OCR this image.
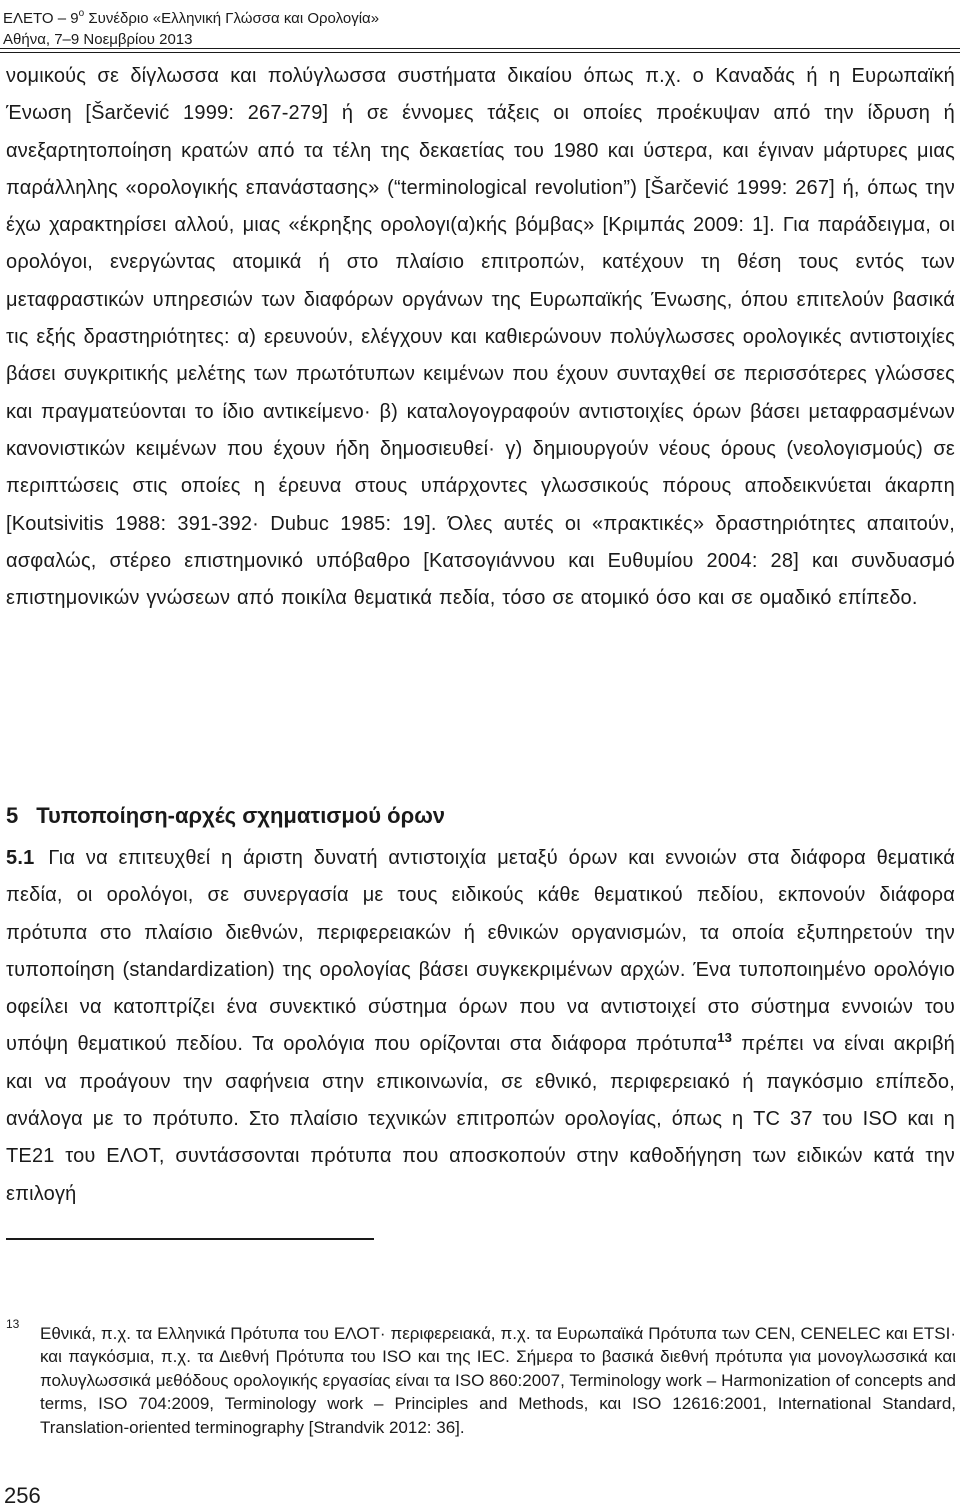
ΕΛΕΤΟ – $9^o$ Συνέδριο «Ελληνική Γλώσσα και Ορολογία»
Αθήνα, 7–9 Νοεμβρίου 2013
νομικούς σε δίγλωσσα και πολύγλωσσα συστήματα δικαίου όπως π.χ. ο Καναδάς ή η Ευρωπαϊκή Ένωση [Šarčević 1999: 267-279] ή σε έννομες τάξεις οι οποίες προέκυψαν από την ίδρυση ή ανεξαρτητοποίηση κρατών από τα τέλη της δεκαετίας του 1980 και ύστερα, και έγιναν μάρτυρες μιας παράλληλης «ορολογικής επανάστασης» (“terminological revolution”) [Šarčević 1999: 267] ή, όπως την έχω χαρακτηρίσει αλλού, μιας «έκρηξης ορολογι(α)κής βόμβας» [Κριμπάς 2009: 1]. Για παράδειγμα, οι ορολόγοι, ενεργώντας ατομικά ή στο πλαίσιο επιτροπών, κατέχουν τη θέση τους εντός των μεταφραστικών υπηρεσιών των διαφόρων οργάνων της Ευρωπαϊκής Ένωσης, όπου επιτελούν βασικά τις εξής δραστηριότητες: α) ερευνούν, ελέγχουν και καθιερώνουν πολύγλωσσες ορολογικές αντιστοιχίες βάσει συγκριτικής μελέτης των πρωτότυπων κειμένων που έχουν συνταχθεί σε περισσότερες γλώσσες και πραγματεύονται το ίδιο αντικείμενο· β) καταλογογραφούν αντιστοιχίες όρων βάσει μεταφρασμένων κανονιστικών κειμένων που έχουν ήδη δημοσιευθεί· γ) δημιουργούν νέους όρους (νεολογισμούς) σε περιπτώσεις στις οποίες η έρευνα στους υπάρχοντες γλωσσικούς πόρους αποδεικνύεται άκαρπη [Koutsivitis 1988: 391-392· Dubuc 1985: 19]. Όλες αυτές οι «πρακτικές» δραστηριότητες απαιτούν, ασφαλώς, στέρεο επιστημονικό υπόβαθρο [Κατσογιάννου και Ευθυμίου 2004: 28] και συνδυασμό επιστημονικών γνώσεων από ποικίλα θεματικά πεδία, τόσο σε ατομικό όσο και σε ομαδικό επίπεδο.
5 Τυποποίηση-αρχές σχηματισμού όρων
5.1 Για να επιτευχθεί η άριστη δυνατή αντιστοιχία μεταξύ όρων και εννοιών στα διάφορα θεματικά πεδία, οι ορολόγοι, σε συνεργασία με τους ειδικούς κάθε θεματικού πεδίου, εκπονούν διάφορα πρότυπα στο πλαίσιο διεθνών, περιφερειακών ή εθνικών οργανισμών, τα οποία εξυπηρετούν την τυποποίηση (standardization) της ορολογίας βάσει συγκεκριμένων αρχών. Ένα τυποποιημένο ορολόγιο οφείλει να κατοπτρίζει ένα συνεκτικό σύστημα όρων που να αντιστοιχεί στο σύστημα εννοιών του υπόψη θεματικού πεδίου. Τα ορολόγια που ορίζονται στα διάφορα πρότυπα$^{13}$ πρέπει να είναι ακριβή και να προάγουν την σαφήνεια στην επικοινωνία, σε εθνικό, περιφερειακό ή παγκόσμιο επίπεδο, ανάλογα με το πρότυπο. Στο πλαίσιο τεχνικών επιτροπών ορολογίας, όπως η TC 37 του ISO και η ΤΕ21 του ΕΛΟΤ, συντάσσονται πρότυπα που αποσκοπούν στην καθοδήγηση των ειδικών κατά την επιλογή
13 Εθνικά, π.χ. τα Ελληνικά Πρότυπα του ΕΛΟΤ· περιφερειακά, π.χ. τα Ευρωπαϊκά Πρότυπα των CEN, CENELEC και ETSI· και παγκόσμια, π.χ. τα Διεθνή Πρότυπα του ISO και της IEC. Σήμερα το βασικά διεθνή πρότυπα για μονογλωσσικά και πολυγλωσσικά μεθόδους ορολογικής εργασίας είναι τα ISO 860:2007, Terminology work – Harmonization of concepts and terms, ISO 704:2009, Terminology work – Principles and Methods, και ISO 12616:2001, International Standard, Translation-oriented terminography [Strandvik 2012: 36].
256
